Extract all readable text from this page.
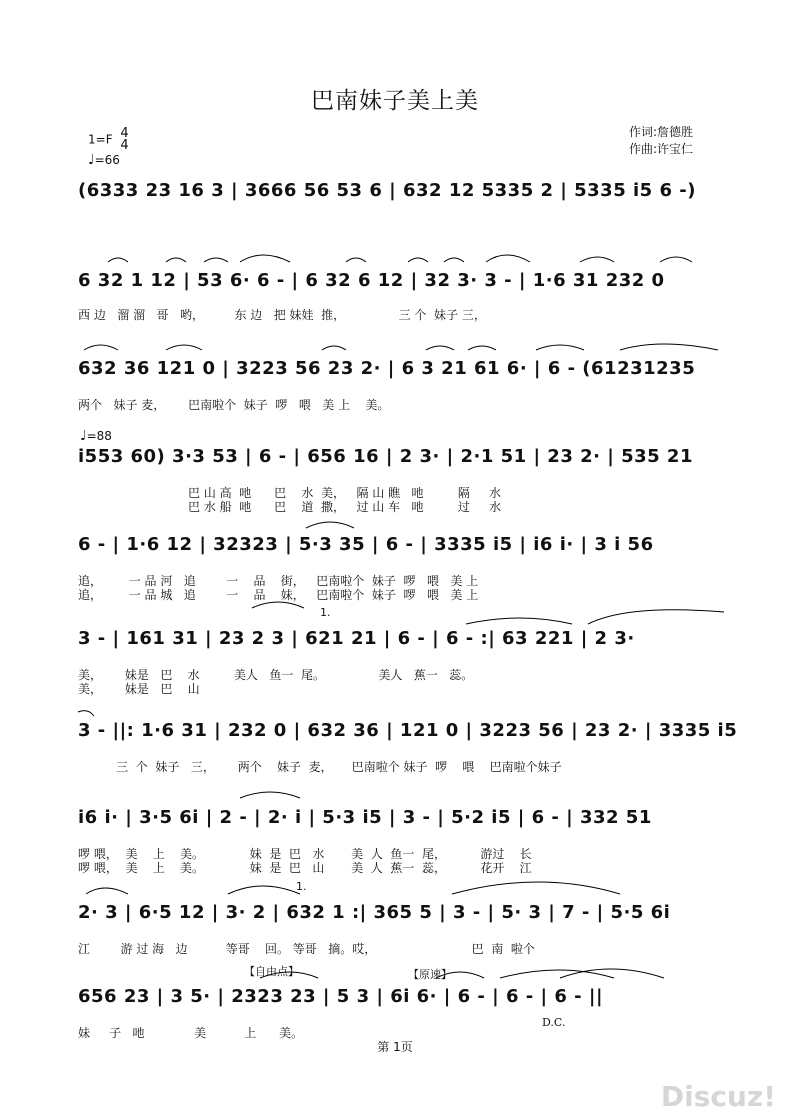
巴南妹子美上美
1=F 4
4
♩=66
作词:詹德胜
作曲:许宝仁
(6333 23 16 3 | 3666 56 53 6 | 632 12 5335 2 | 5335 i5 6 -)
6 32 1 12 | 53 6· 6 - | 6 32 6 12 | 32 3· 3 - | 1·6 31 232 0
西 边   溜 溜   哥   哟，        东 边   把 妹娃  推，              三 个  妹子 三，
632 36 121 0 | 3223 56 23 2· | 6 3 21 61 6· | 6 - (61231235
两个   妹子 麦，      巴南啦个  妹子  啰   喂   美 上    美。
♩=88
i553 60) 3·3 53 | 6 - | 656 16 | 2 3· | 2·1 51 | 23 2· | 535 21
巴 山 高  吔      巴    水  美，   隔 山 瞧   吔         隔     水
巴 水 船  吔      巴    道  撒，   过 山 车   吔         过     水
6 - | 1·6 12 | 32323 | 5·3 35 | 6 - | 3335 i5 | i6 i· | 3 i 56
追，       一 品 河   追        一    品    街，   巴南啦个  妹子  啰   喂   美 上
追，       一 品 城   追        一    品    妹，   巴南啦个  妹子  啰   喂   美 上
3 - | 161 31 | 23 2 3 | 621 21 | 6 - | 6 - :| 63 221 | 2 3·
美，      妹是   巴    水         美人   鱼一  尾。              美人   蕉一   蕊。
美，      妹是   巴    山
3 - ||: 1·6 31 | 232 0 | 632 36 | 121 0 | 3223 56 | 23 2· | 3335 i5
三  个  妹子   三，      两个    妹子  麦，     巴南啦个 妹子  啰    喂    巴南啦个妹子
i6 i· | 3·5 6i | 2 - | 2· i | 5·3 i5 | 3 - | 5·2 i5 | 6 - | 332 51
啰 喂，  美    上    美。            妹  是  巴   水       美  人  鱼一  尾，         游过    长
啰 喂，  美    上    美。            妹  是  巴   山       美  人  蕉一  蕊，         花开    江
1.
1.
2· 3 | 6·5 12 | 3· 2 | 632 1 :| 365 5 | 3 - | 5· 3 | 7 - | 5·5 6i
江        游 过 海   边          等哥    回。 等哥   摘。哎，                         巴  南  啦个
【自由点】	【原速】
656 23 | 3 5· | 2323 23 | 5 3 | 6i 6· | 6 - | 6 - | 6 - ||
妹     子   吔             美          上      美。
D.C.
第 1页
Discuz!
